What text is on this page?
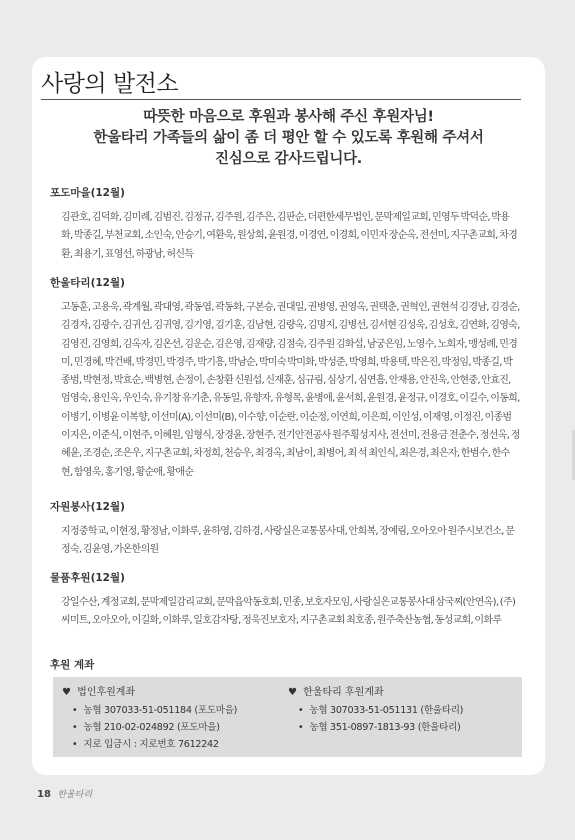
사랑의 발전소
따뜻한 마음으로 후원과 봉사해 주신 후원자님!
한울타리 가족들의 삶이 좀 더 평안 할 수 있도록 후원해 주셔서
진심으로 감사드립니다.
포도마을(12월)
김관호, 김덕화, 김미례, 김범진, 김정규, 김주원, 김주은, 김판순, 더편한세무법인, 문막제일교회, 민영두 박덕순, 박용화, 박종길, 부천교회, 소인숙, 안승기, 여환욱, 원상희, 윤원경, 이경연, 이경희, 이민자 장순옥, 전선미, 지구촌교회, 차경환, 최용기, 표영선, 하광남, 허신득
한울타리(12월)
고동훈, 고용욱, 곽계월, 곽대영, 곽동엽, 곽동화, 구본승, 권대일, 권병영, 권영옥, 권택춘, 권혁인, 권현석 김경남, 김경순, 김경자, 김광수, 김귀선, 김귀영, 김기영, 김기훈, 김남현, 김량옥, 김명지, 김병선, 김서현 김성욱, 김성호, 김연화, 김영숙, 김영진, 김영희, 김옥자, 김온선, 김운순, 김은영, 김재량, 김점숙, 김주원 김화섭, 남궁은임, 노영수, 노희자, 맹성례, 민경미, 민경혜, 박건배, 박경민, 박경주, 박기흥, 박남순, 박미숙 박미화, 박성준, 박영희, 박용택, 박은진, 박정임, 박종길, 박종범, 박현정, 박효순, 백병현, 손정이, 손창환 신원섭, 신재훈, 심규림, 심상기, 심연흠, 안재용, 안진욱, 안현중, 안효진, 엄영숙, 용인옥, 우인숙, 유기창 유기춘, 유동일, 유향자, 유형목, 윤병애, 윤서희, 윤원경, 윤정규, 이경호, 이길수, 이동희, 이병기, 이병윤 이복향, 이선미(A), 이선미(B), 이수향, 이순란, 이순정, 이연희, 이은희, 이인성, 이재영, 이정진, 이종범 이지은, 이준식, 이현주, 이혜원, 임형식, 장경윤, 장현주, 전기안전공사 원주횡성지사, 전선미, 전용금 전춘수, 정선옥, 정혜윤, 조경순, 조은우, 지구촌교회, 차정희, 천승우, 최경옥, 최남이, 최병어, 최 석 최인식, 최은경, 최은자, 한범수, 한수현, 함영욱, 홍기영, 황순애, 황애순
자원봉사(12월)
지정중학교, 이현정, 황정남, 이화루, 윤하영, 김하경, 사랑실은교통봉사대, 안희복, 장예림, 오아오아 원주시보건소, 문정숙, 김윤영, 가온한의원
물품후원(12월)
강일수산, 계정교회, 문막제일감리교회, 문막읍악동호회, 민종, 보호자모임, 사랑실은교통봉사대 삼국찌(안연옥), (주)씨미트, 오아오아, 이길화, 이화루, 일호감자탕, 정욱진보호자, 지구촌교회 최호종, 원주축산농협, 동성교회, 이화루
후원 계좌
♥ 법인후원계좌
• 농협 307033-51-051184 (포도마을)
• 농협 210-02-024892 (포도마을)
• 지로 입금시 : 지로번호 7612242
♥ 한울타리 후원계좌
• 농협 307033-51-051131 (한울타리)
• 농협 351-0897-1813-93 (한울타리)
18 한울타리
